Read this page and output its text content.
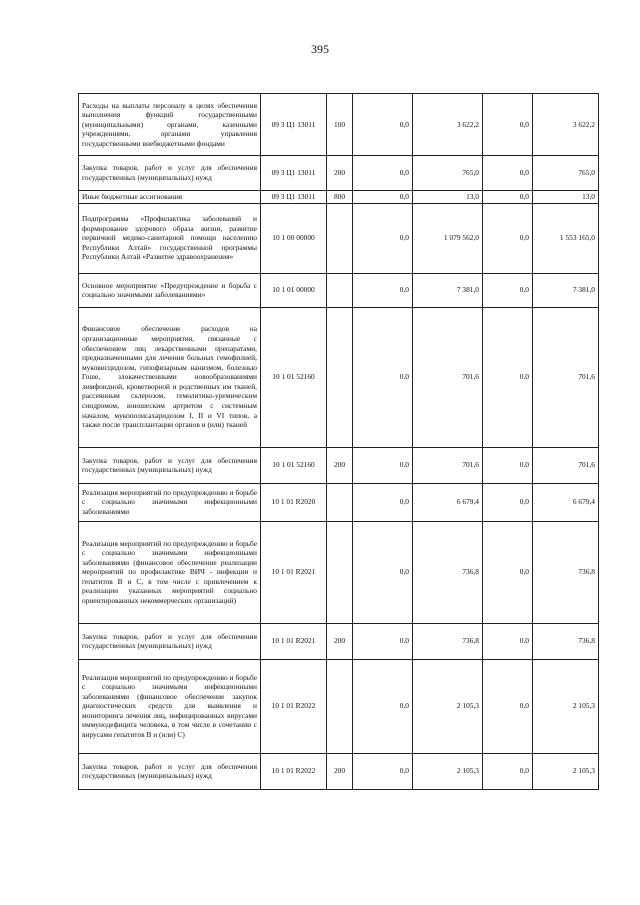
395
Расходы на выплаты персоналу в целях обеспечения выполнения функций государственными (муниципальными) органами, казенными учреждениями, органами управления государственными внебюджетными фондами	09 3 Ц1 13011	100	0,0	3 622,2	0,0	3 622,2
Закупка товаров, работ и услуг для обеспечения государственных (муниципальных) нужд	09 3 Ц1 13011	200	0,0	765,0	0,0	765,0
Иные бюджетные ассигнования	09 3 Ц1 13011	800	0,0	13,0	0,0	13,0
Подпрограмма «Профилактика заболеваний и формирование здорового образа жизни, развитие первичной медико-санитарной помощи населению Республики Алтай» государственной программы Республики Алтай «Развитие здравоохранения»	10 1 00 00000		0,0	1 079 562,0	0,0	1 553 165,0
Основное мероприятие «Предупреждение и борьба с социально значимыми заболеваниями»	10 1 01 00000		0,0	7 381,0	0,0	7 381,0
Финансовое обеспечение расходов на организационные мероприятия, связанные с обеспечением лиц лекарственными препаратами, предназначенными для лечения больных гемофилией, муковисцидозом, гипофизарным нанизмом, болезнью Гоше, злокачественными новообразованиями лимфоидной, кроветворной и родственных им тканей, рассеянным склерозом, гемолитико-уремическим синдромом, юношеским артритом с системным началом, мукополисахаридозом I, II и VI типов, а также после трансплантации органов и (или) тканей	10 1 01 52160		0,0	701,6	0,0	701,6
Закупка товаров, работ и услуг для обеспечения государственных (муниципальных) нужд	10 1 01 52160	200	0,0	701,6	0,0	701,6
Реализация мероприятий по предупреждению и борьбе с социально значимыми инфекционными заболеваниями	10 1 01 R2020		0,0	6 679,4	0,0	6 679,4
Реализация мероприятий по предупреждению и борьбе с социально значимыми инфекционными заболеваниями (финансовое обеспечение реализации мероприятий по профилактике ВИЧ - инфекции и гепатитов B и C, в том числе с привлечением к реализации указанных мероприятий социально ориентированных некоммерческих организаций)	10 1 01 R2021		0,0	736,8	0,0	736,8
Закупка товаров, работ и услуг для обеспечения государственных (муниципальных) нужд	10 1 01 R2021	200	0,0	736,8	0,0	736,8
Реализация мероприятий по предупреждению и борьбе с социально значимыми инфекционными заболеваниями (финансовое обеспечение закупок диагностических средств для выявления и мониторинга лечения лиц, инфицированных вирусами иммунодефицита человека, в том числе в сочетании с вирусами гепатитов B и (или) C)	10 1 01 R2022		0,0	2 105,3	0,0	2 105,3
Закупка товаров, работ и услуг для обеспечения государственных (муниципальных) нужд	10 1 01 R2022	200	0,0	2 105,3	0,0	2 105,3
